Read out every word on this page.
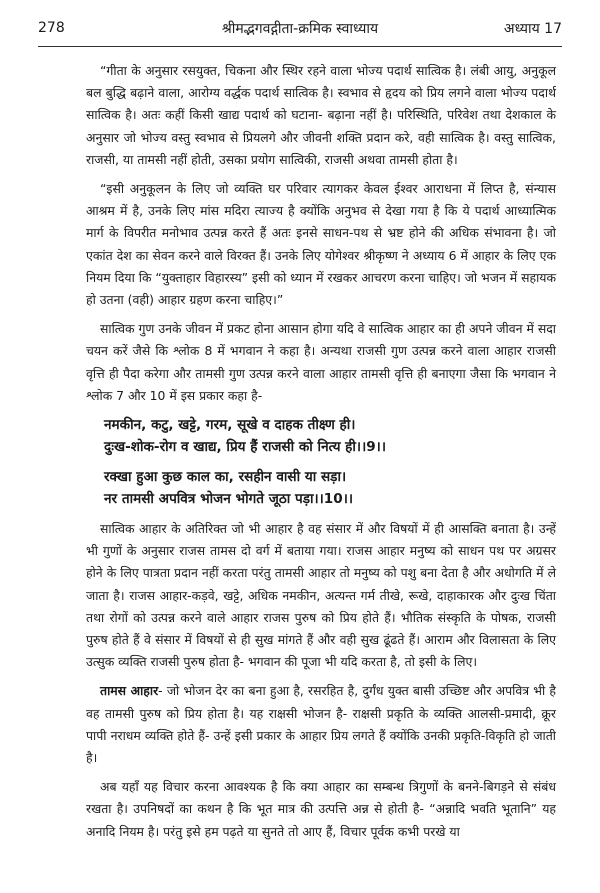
278	श्रीमद्भगवद्गीता-क्रमिक स्वाध्याय	अध्याय 17

“गीता के अनुसार रसयुक्त, चिकना और स्थिर रहने वाला भोज्य पदार्थ सात्विक है। लंबी आयु, अनुकूल बल बुद्धि बढ़ाने वाला, आरोग्य वर्द्धक पदार्थ सात्विक है। स्वभाव से हृदय को प्रिय लगने वाला भोज्य पदार्थ सात्विक है। अतः कहीं किसी खाद्य पदार्थ को घटाना- बढ़ाना नहीं है। परिस्थिति, परिवेश तथा देशकाल के अनुसार जो भोज्य वस्तु स्वभाव से प्रियलगे और जीवनी शक्ति प्रदान करे, वही सात्विक है। वस्तु सात्विक, राजसी, या तामसी नहीं होती, उसका प्रयोग सात्विकी, राजसी अथवा तामसी होता है।

“इसी अनुकूलन के लिए जो व्यक्ति घर परिवार त्यागकर केवल ईश्वर आराधना में लिप्त है, संन्यास आश्रम में है, उनके लिए मांस मदिरा त्याज्य है क्योंकि अनुभव से देखा गया है कि ये पदार्थ आध्यात्मिक मार्ग के विपरीत मनोभाव उत्पन्न करते हैं अतः इनसे साधन-पथ से भ्रष्ट होने की अधिक संभावना है। जो एकांत देश का सेवन करने वाले विरक्त हैं। उनके लिए योगेश्वर श्रीकृष्ण ने अध्याय 6 में आहार के लिए एक नियम दिया कि “युक्ताहार विहारस्य” इसी को ध्यान में रखकर आचरण करना चाहिए। जो भजन में सहायक हो उतना (वही) आहार ग्रहण करना चाहिए।”

सात्विक गुण उनके जीवन में प्रकट होना आसान होगा यदि वे सात्विक आहार का ही अपने जीवन में सदा चयन करें जैसे कि श्लोक 8 में भगवान ने कहा है। अन्यथा राजसी गुण उत्पन्न करने वाला आहार राजसी वृत्ति ही पैदा करेगा और तामसी गुण उत्पन्न करने वाला आहार तामसी वृत्ति ही बनाएगा जैसा कि भगवान ने श्लोक 7 और 10 में इस प्रकार कहा है-

नमकीन, कटु, खट्टे, गरम, सूखे व दाहक तीक्ष्ण ही।
दुःख-शोक-रोग व खाद्य, प्रिय हैं राजसी को नित्य ही।।9।।
रक्खा हुआ कुछ काल का, रसहीन वासी या सड़ा।
नर तामसी अपवित्र भोजन भोगते जूठा पड़ा।।10।।

सात्विक आहार के अतिरिक्त जो भी आहार है वह संसार में और विषयों में ही आसक्ति बनाता है। उन्हें भी गुणों के अनुसार राजस तामस दो वर्ग में बताया गया। राजस आहार मनुष्य को साधन पथ पर अग्रसर होने के लिए पात्रता प्रदान नहीं करता परंतु तामसी आहार तो मनुष्य को पशु बना देता है और अधोगति में ले जाता है। राजस आहार-कड़वे, खट्टे, अधिक नमकीन, अत्यन्त गर्म तीखे, रूखे, दाहाकारक और दुःख चिंता तथा रोगों को उत्पन्न करने वाले आहार राजस पुरुष को प्रिय होते हैं। भौतिक संस्कृति के पोषक, राजसी पुरुष होते हैं वे संसार में विषयों से ही सुख मांगते हैं और वही सुख ढूंढते हैं। आराम और विलासता के लिए उत्सुक व्यक्ति राजसी पुरुष होता है- भगवान की पूजा भी यदि करता है, तो इसी के लिए।

तामस आहार- जो भोजन देर का बना हुआ है, रसरहित है, दुर्गंध युक्त बासी उच्छिष्ट और अपवित्र भी है वह तामसी पुरुष को प्रिय होता है। यह राक्षसी भोजन है- राक्षसी प्रकृति के व्यक्ति आलसी-प्रमादी, क्रूर पापी नराधम व्यक्ति होते हैं- उन्हें इसी प्रकार के आहार प्रिय लगते हैं क्योंकि उनकी प्रकृति-विकृति हो जाती है।

अब यहाँ यह विचार करना आवश्यक है कि क्या आहार का सम्बन्ध त्रिगुणों के बनने-बिगड़ने से संबंध रखता है। उपनिषदों का कथन है कि भूत मात्र की उत्पत्ति अन्न से होती है- “अन्नादि भवति भूतानि” यह अनादि नियम है। परंतु इसे हम पढ़ते या सुनते तो आए हैं, विचार पूर्वक कभी परखे या
